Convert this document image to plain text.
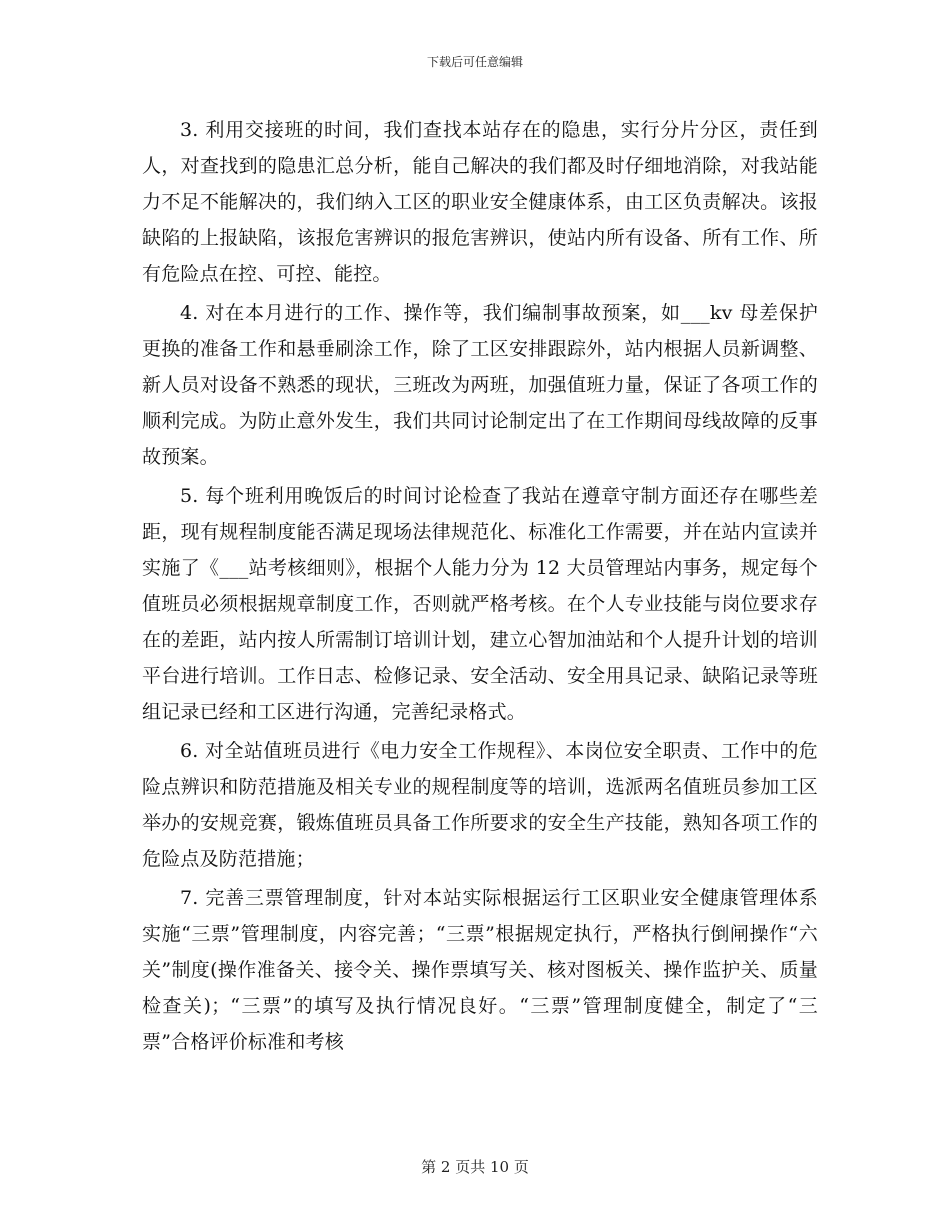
下载后可任意编辑

3. 利用交接班的时间，我们查找本站存在的隐患，实行分片分区，责任到人，对查找到的隐患汇总分析，能自己解决的我们都及时仔细地消除，对我站能力不足不能解决的，我们纳入工区的职业安全健康体系，由工区负责解决。该报缺陷的上报缺陷，该报危害辨识的报危害辨识，使站内所有设备、所有工作、所有危险点在控、可控、能控。

4. 对在本月进行的工作、操作等，我们编制事故预案，如___kv 母差保护更换的准备工作和悬垂刷涂工作，除了工区安排跟踪外，站内根据人员新调整、新人员对设备不熟悉的现状，三班改为两班，加强值班力量，保证了各项工作的顺利完成。为防止意外发生，我们共同讨论制定出了在工作期间母线故障的反事故预案。

5. 每个班利用晚饭后的时间讨论检查了我站在遵章守制方面还存在哪些差距，现有规程制度能否满足现场法律规范化、标准化工作需要，并在站内宣读并实施了《___站考核细则》，根据个人能力分为 12 大员管理站内事务，规定每个值班员必须根据规章制度工作，否则就严格考核。在个人专业技能与岗位要求存在的差距，站内按人所需制订培训计划，建立心智加油站和个人提升计划的培训平台进行培训。工作日志、检修记录、安全活动、安全用具记录、缺陷记录等班组记录已经和工区进行沟通，完善纪录格式。

6. 对全站值班员进行《电力安全工作规程》、本岗位安全职责、工作中的危险点辨识和防范措施及相关专业的规程制度等的培训，选派两名值班员参加工区举办的安规竞赛，锻炼值班员具备工作所要求的安全生产技能，熟知各项工作的危险点及防范措施；

7. 完善三票管理制度，针对本站实际根据运行工区职业安全健康管理体系实施“三票”管理制度，内容完善；“三票”根据规定执行，严格执行倒闸操作“六关”制度(操作准备关、接令关、操作票填写关、核对图板关、操作监护关、质量检查关)；“三票”的填写及执行情况良好。“三票”管理制度健全，制定了“三票”合格评价标准和考核

第 2 页共 10 页
